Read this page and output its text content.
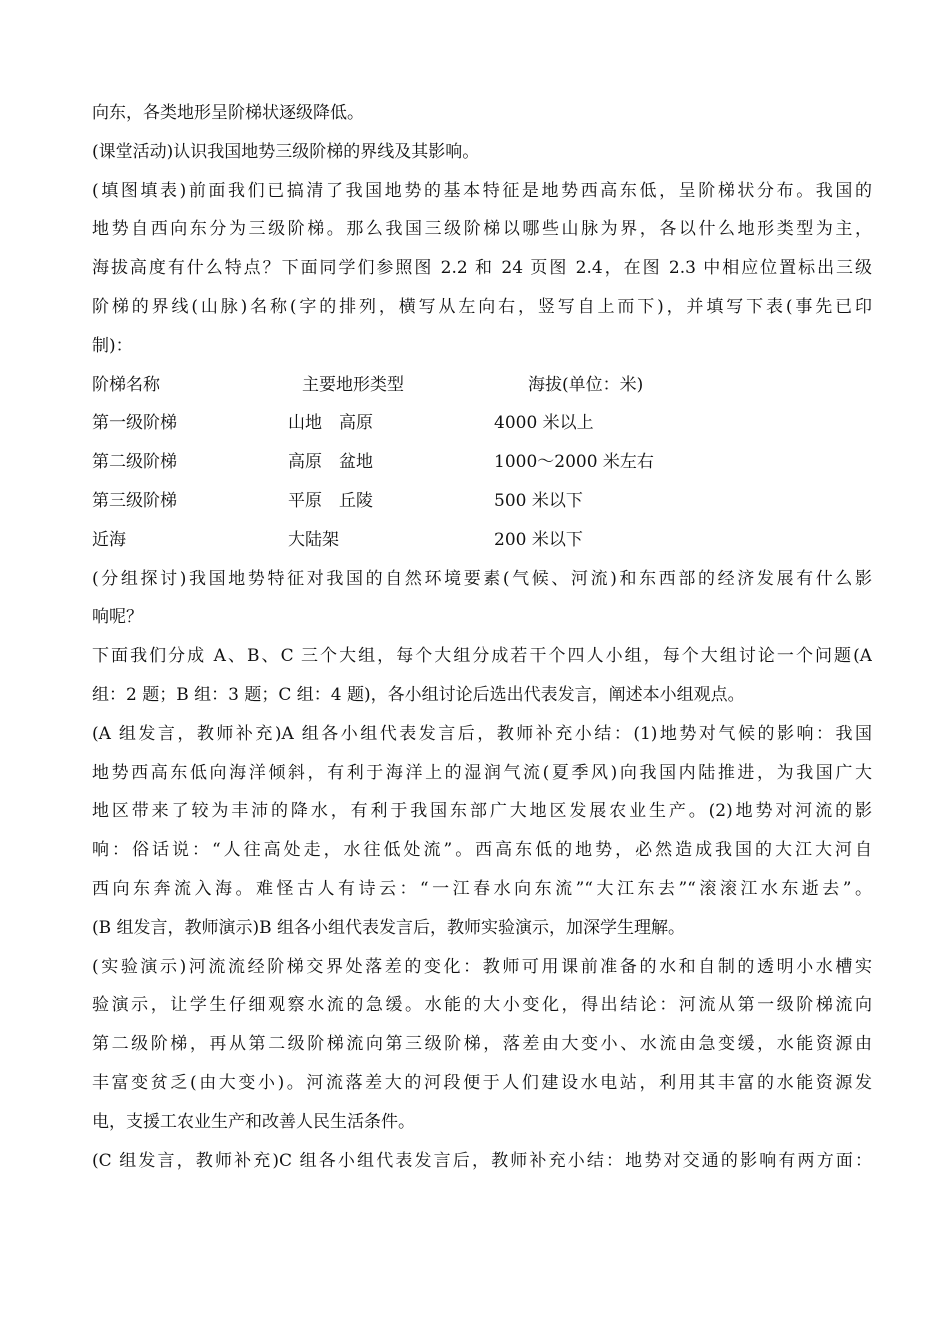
向东，各类地形呈阶梯状逐级降低。
(课堂活动)认识我国地势三级阶梯的界线及其影响。
(填图填表)前面我们已搞清了我国地势的基本特征是地势西高东低，呈阶梯状分布。我国的
地势自西向东分为三级阶梯。那么我国三级阶梯以哪些山脉为界，各以什么地形类型为主，
海拔高度有什么特点？下面同学们参照图 2.2 和 24 页图 2.4，在图 2.3 中相应位置标出三级
阶梯的界线(山脉)名称(字的排列，横写从左向右，竖写自上而下)，并填写下表(事先已印
制)：
阶梯名称	主要地形类型	海拔(单位：米)
第一级阶梯	山地　高原	4000 米以上
第二级阶梯	高原　盆地	1000～2000 米左右
第三级阶梯	平原　丘陵	500 米以下
近海	大陆架	200 米以下
(分组探讨)我国地势特征对我国的自然环境要素(气候、河流)和东西部的经济发展有什么影
响呢？
下面我们分成 A、B、C 三个大组，每个大组分成若干个四人小组，每个大组讨论一个问题(A
组：2 题；B 组：3 题；C 组：4 题)，各小组讨论后选出代表发言，阐述本小组观点。
(A 组发言，教师补充)A 组各小组代表发言后，教师补充小结：(1)地势对气候的影响：我国
地势西高东低向海洋倾斜，有利于海洋上的湿润气流(夏季风)向我国内陆推进，为我国广大
地区带来了较为丰沛的降水，有利于我国东部广大地区发展农业生产。(2)地势对河流的影
响：俗话说：“人往高处走，水往低处流”。西高东低的地势，必然造成我国的大江大河自
西向东奔流入海。难怪古人有诗云：“一江春水向东流”“大江东去”“滚滚江水东逝去”。
(B 组发言，教师演示)B 组各小组代表发言后，教师实验演示，加深学生理解。
(实验演示)河流流经阶梯交界处落差的变化：教师可用课前准备的水和自制的透明小水槽实
验演示，让学生仔细观察水流的急缓。水能的大小变化，得出结论：河流从第一级阶梯流向
第二级阶梯，再从第二级阶梯流向第三级阶梯，落差由大变小、水流由急变缓，水能资源由
丰富变贫乏(由大变小)。河流落差大的河段便于人们建设水电站，利用其丰富的水能资源发
电，支援工农业生产和改善人民生活条件。
(C 组发言，教师补充)C 组各小组代表发言后，教师补充小结：地势对交通的影响有两方面：
